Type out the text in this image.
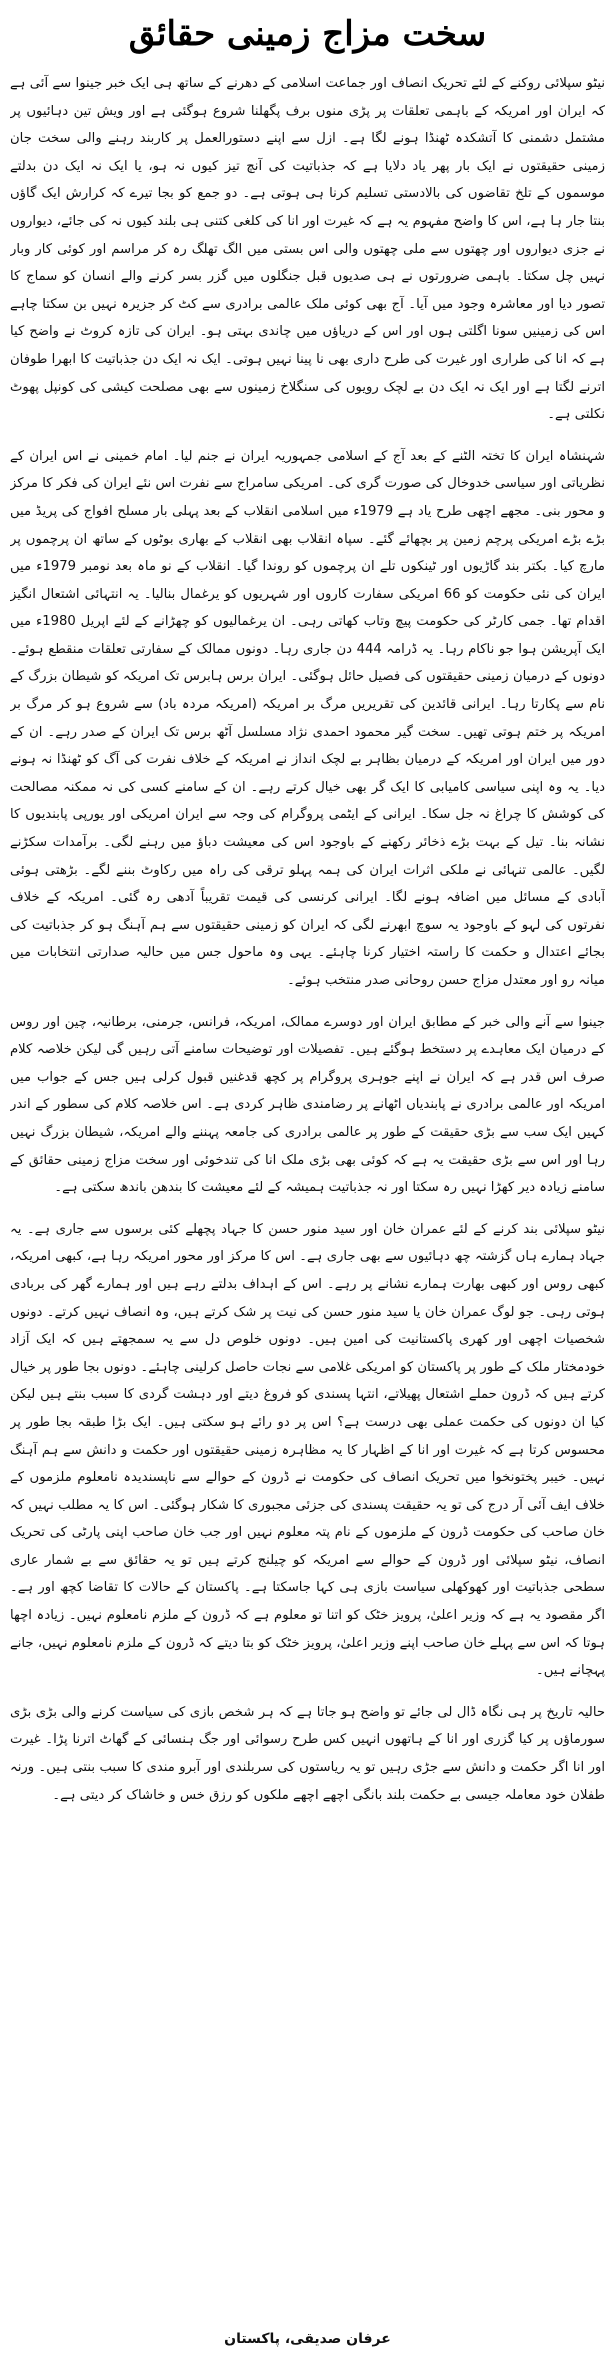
سخت مزاج زمینی حقائق

نیٹو سپلائی روکنے کے لئے تحریک انصاف اور جماعت اسلامی کے دھرنے کے ساتھ ہی ایک خبر جینوا سے آئی ہے کہ ایران اور امریکہ کے باہمی تعلقات پر پڑی منوں برف پگھلنا شروع ہوگئی ہے اور ویش تین دہائیوں پر مشتمل دشمنی کا آتشکدہ ٹھنڈا ہونے لگا ہے۔ ازل سے اپنے دستورالعمل پر کاربند رہنے والی سخت جان زمینی حقیقتوں نے ایک بار پھر یاد دلایا ہے کہ جذباتیت کی آنچ تیز کیوں نہ ہو، یا ایک نہ ایک دن بدلتے موسموں کے تلخ تقاضوں کی بالادستی تسلیم کرنا ہی ہوتی ہے۔ دو جمع کو بجا تیرے کہ کرارش ایک گاؤں بنتا جار ہا ہے، اس کا واضح مفہوم یہ ہے کہ غیرت اور انا کی کلغی کتنی ہی بلند کیوں نہ کی جائے، دیواروں نے جزی دیواروں اور چھتوں سے ملی چھتوں والی اس بستی میں الگ تھلگ رہ کر مراسم اور کوئی کار وبار نہیں چل سکتا۔ باہمی ضرورتوں نے ہی صدیوں قبل جنگلوں میں گزر بسر کرنے والے انسان کو سماج کا تصور دیا اور معاشرہ وجود میں آیا۔ آج بھی کوئی ملک عالمی برادری سے کٹ کر جزیرہ نہیں بن سکتا چاہے اس کی زمینیں سونا اگلتی ہوں اور اس کے دریاؤں میں چاندی بہتی ہو۔ ایران کی تازہ کروٹ نے واضح کیا ہے کہ انا کی طراری اور غیرت کی طرح داری بھی نا پینا نہیں ہوتی۔ ایک نہ ایک دن جذباتیت کا ابھرا طوفان اترنے لگتا ہے اور ایک نہ ایک دن بے لچک رویوں کی سنگلاخ زمینوں سے بھی مصلحت کیشی کی کونپل پھوٹ نکلتی ہے۔

شہنشاہ ایران کا تختہ الٹنے کے بعد آج کے اسلامی جمہوریہ ایران نے جنم لیا۔ امام خمینی نے اس ایران کے نظریاتی اور سیاسی خدوخال کی صورت گری کی۔ امریکی سامراج سے نفرت اس نئے ایران کی فکر کا مرکز و محور بنی۔ مجھے اچھی طرح یاد ہے 1979ء میں اسلامی انقلاب کے بعد پہلی بار مسلح افواج کی پریڈ میں بڑے بڑے امریکی پرچم زمین پر بچھائے گئے۔ سپاہ انقلاب بھی انقلاب کے بھاری بوٹوں کے ساتھ ان پرچموں پر مارچ کیا۔ بکتر بند گاڑیوں اور ٹینکوں تلے ان پرچموں کو روندا گیا۔ انقلاب کے نو ماہ بعد نومبر 1979ء میں ایران کی نئی حکومت کو 66 امریکی سفارت کاروں اور شہریوں کو یرغمال بنالیا۔ یہ انتہائی اشتعال انگیز اقدام تھا۔ جمی کارٹر کی حکومت پیچ وتاب کھاتی رہی۔ ان یرغمالیوں کو چھڑانے کے لئے اپریل 1980ء میں ایک آپریشن ہوا جو ناکام رہا۔ یہ ڈرامہ 444 دن جاری رہا۔ دونوں ممالک کے سفارتی تعلقات منقطع ہوئے۔ دونوں کے درمیان زمینی حقیقتوں کی فصیل حائل ہوگئی۔ ایران برس ہابرس تک امریکہ کو شیطان بزرگ کے نام سے پکارتا رہا۔ ایرانی قائدین کی تقریریں مرگ بر امریکہ (امریکہ مردہ باد) سے شروع ہو کر مرگ بر امریکہ پر ختم ہوتی تھیں۔ سخت گیر محمود احمدی نژاد مسلسل آٹھ برس تک ایران کے صدر رہے۔ ان کے دور میں ایران اور امریکہ کے درمیان بظاہر بے لچک انداز نے امریکہ کے خلاف نفرت کی آگ کو ٹھنڈا نہ ہونے دیا۔ یہ وہ اپنی سیاسی کامیابی کا ایک گر بھی خیال کرتے رہے۔ ان کے سامنے کسی کی نہ ممکنہ مصالحت کی کوشش کا چراغ نہ جل سکا۔ ایرانی کے ایٹمی پروگرام کی وجہ سے ایران امریکی اور یورپی پابندیوں کا نشانہ بنا۔ تیل کے بہت بڑے ذخائر رکھنے کے باوجود اس کی معیشت دباؤ میں رہنے لگی۔ برآمدات سکڑنے لگیں۔ عالمی تنہائی نے ملکی اثرات ایران کی ہمہ پہلو ترقی کی راہ میں رکاوٹ بننے لگے۔ بڑھتی ہوئی آبادی کے مسائل میں اضافہ ہونے لگا۔ ایرانی کرنسی کی قیمت تقریباً آدھی رہ گئی۔ امریکہ کے خلاف نفرتوں کی لہو کے باوجود یہ سوچ ابھرنے لگی کہ ایران کو زمینی حقیقتوں سے ہم آہنگ ہو کر جذباتیت کی بجائے اعتدال و حکمت کا راستہ اختیار کرنا چاہئے۔ یہی وہ ماحول جس میں حالیہ صدارتی انتخابات میں میانہ رو اور معتدل مزاج حسن روحانی صدر منتخب ہوئے۔

جینوا سے آنے والی خبر کے مطابق ایران اور دوسرے ممالک، امریکہ، فرانس، جرمنی، برطانیہ، چین اور روس کے درمیان ایک معاہدے پر دستخط ہوگئے ہیں۔ تفصیلات اور توضیحات سامنے آتی رہیں گی لیکن خلاصہ کلام صرف اس قدر ہے کہ ایران نے اپنے جوہری پروگرام پر کچھ قدغنیں قبول کرلی ہیں جس کے جواب میں امریکہ اور عالمی برادری نے پابندیاں اٹھانے پر رضامندی ظاہر کردی ہے۔ اس خلاصہ کلام کی سطور کے اندر کہیں ایک سب سے بڑی حقیقت کے طور پر عالمی برادری کی جامعہ پہننے والے امریکہ، شیطان بزرگ نہیں رہا اور اس سے بڑی حقیقت یہ ہے کہ کوئی بھی بڑی ملک انا کی تندخوئی اور سخت مزاج زمینی حقائق کے سامنے زیادہ دیر کھڑا نہیں رہ سکتا اور نہ جذباتیت ہمیشہ کے لئے معیشت کا بندھن باندھ سکتی ہے۔

نیٹو سپلائی بند کرنے کے لئے عمران خان اور سید منور حسن کا جہاد پچھلے کئی برسوں سے جاری ہے۔ یہ جہاد ہمارے ہاں گزشتہ چھ دہائیوں سے بھی جاری ہے۔ اس کا مرکز اور محور امریکہ رہا ہے، کبھی امریکہ، کبھی روس اور کبھی بھارت ہمارے نشانے پر رہے۔ اس کے اہداف بدلتے رہے ہیں اور ہمارے گھر کی بربادی ہوتی رہی۔ جو لوگ عمران خان یا سید منور حسن کی نیت پر شک کرتے ہیں، وہ انصاف نہیں کرتے۔ دونوں شخصیات اچھی اور کھری پاکستانیت کی امین ہیں۔ دونوں خلوص دل سے یہ سمجھتے ہیں کہ ایک آزاد خودمختار ملک کے طور پر پاکستان کو امریکی غلامی سے نجات حاصل کرلینی چاہئے۔ دونوں بجا طور پر خیال کرتے ہیں کہ ڈرون حملے اشتعال پھیلاتے، انتہا پسندی کو فروغ دیتے اور دہشت گردی کا سبب بنتے ہیں لیکن کیا ان دونوں کی حکمت عملی بھی درست ہے؟ اس پر دو رائے ہو سکتی ہیں۔ ایک بڑا طبقہ بجا طور پر محسوس کرتا ہے کہ غیرت اور انا کے اظہار کا یہ مظاہرہ زمینی حقیقتوں اور حکمت و دانش سے ہم آہنگ نہیں۔ خیبر پختونخوا میں تحریک انصاف کی حکومت نے ڈرون کے حوالے سے ناپسندیدہ نامعلوم ملزموں کے خلاف ایف آئی آر درج کی تو یہ حقیقت پسندی کی جزئی مجبوری کا شکار ہوگئی۔ اس کا یہ مطلب نہیں کہ خان صاحب کی حکومت ڈرون کے ملزموں کے نام پتہ معلوم نہیں اور جب خان صاحب اپنی پارٹی کی تحریک انصاف، نیٹو سپلائی اور ڈرون کے حوالے سے امریکہ کو چیلنج کرتے ہیں تو یہ حقائق سے بے شمار عاری سطحی جذباتیت اور کھوکھلی سیاست بازی ہی کہا جاسکتا ہے۔ پاکستان کے حالات کا تقاضا کچھ اور ہے۔ اگر مقصود یہ ہے کہ وزیر اعلیٰ، پرویز خٹک کو اتنا تو معلوم ہے کہ ڈرون کے ملزم نامعلوم نہیں۔ زیادہ اچھا ہوتا کہ اس سے پہلے خان صاحب اپنے وزیر اعلیٰ، پرویز خٹک کو بتا دیتے کہ ڈرون کے ملزم نامعلوم نہیں، جانے پہچانے ہیں۔

حالیہ تاریخ پر ہی نگاہ ڈال لی جائے تو واضح ہو جاتا ہے کہ ہر شخص بازی کی سیاست کرنے والی بڑی بڑی سورماؤں پر کیا گزری اور انا کے ہاتھوں انہیں کس طرح رسوائی اور جگ ہنسائی کے گھاٹ اترنا پڑا۔ غیرت اور انا اگر حکمت و دانش سے جڑی رہیں تو یہ ریاستوں کی سربلندی اور آبرو مندی کا سبب بنتی ہیں۔ ورنہ طفلان خود معاملہ جیسی بے حکمت بلند بانگی اچھے اچھے ملکوں کو رزق خس و خاشاک کر دیتی ہے۔

عرفان صدیقی، پاکستان
